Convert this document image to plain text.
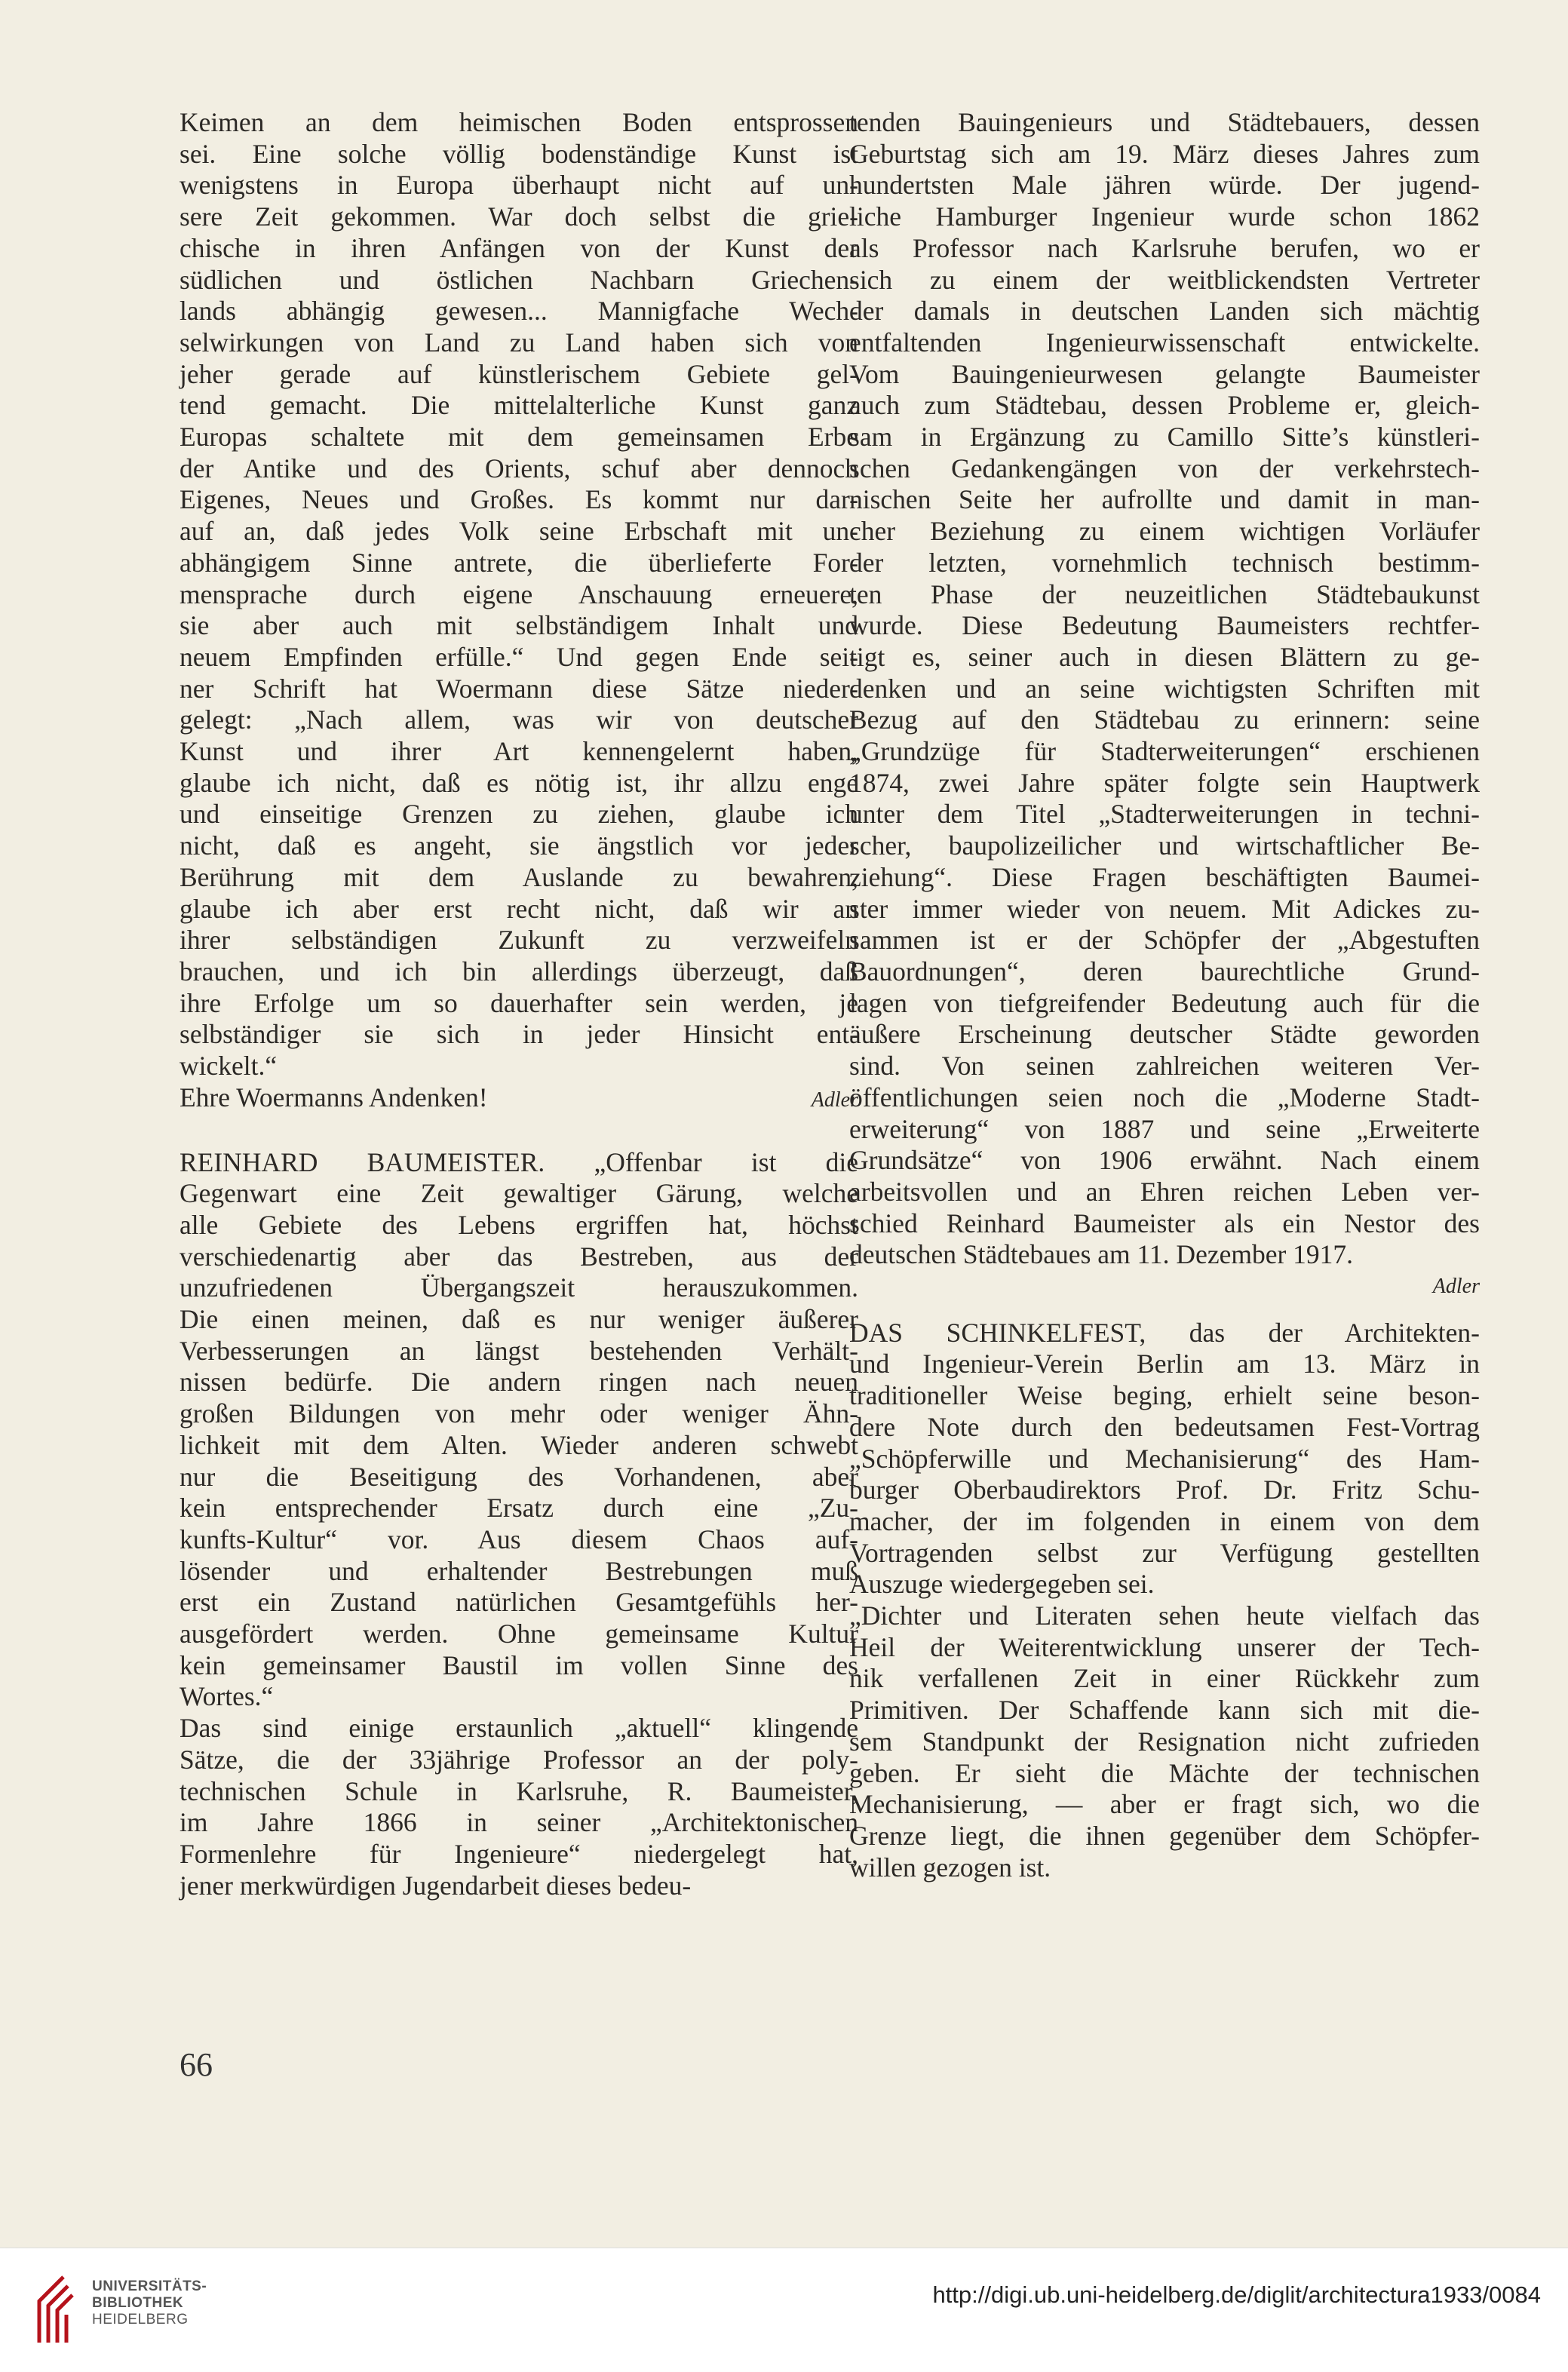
Keimen an dem heimischen Boden entsprossen
sei. Eine solche völlig bodenständige Kunst ist
wenigstens in Europa überhaupt nicht auf un-
sere Zeit gekommen. War doch selbst die grie-
chische in ihren Anfängen von der Kunst der
südlichen und östlichen Nachbarn Griechen-
lands abhängig gewesen... Mannigfache Wech-
selwirkungen von Land zu Land haben sich von
jeher gerade auf künstlerischem Gebiete gel-
tend gemacht. Die mittelalterliche Kunst ganz
Europas schaltete mit dem gemeinsamen Erbe
der Antike und des Orients, schuf aber dennoch
Eigenes, Neues und Großes. Es kommt nur dar-
auf an, daß jedes Volk seine Erbschaft mit un-
abhängigem Sinne antrete, die überlieferte For-
mensprache durch eigene Anschauung erneuere,
sie aber auch mit selbständigem Inhalt und
neuem Empfinden erfülle.“ Und gegen Ende sei-
ner Schrift hat Woermann diese Sätze nieder-
gelegt: „Nach allem, was wir von deutscher
Kunst und ihrer Art kennengelernt haben,
glaube ich nicht, daß es nötig ist, ihr allzu enge
und einseitige Grenzen zu ziehen, glaube ich
nicht, daß es angeht, sie ängstlich vor jeder
Berührung mit dem Auslande zu bewahren,
glaube ich aber erst recht nicht, daß wir an
ihrer selbständigen Zukunft zu verzweifeln
brauchen, und ich bin allerdings überzeugt, daß
ihre Erfolge um so dauerhafter sein werden, je
selbständiger sie sich in jeder Hinsicht ent-
wickelt.“
Ehre Woermanns Andenken!	Adler
REINHARD BAUMEISTER. „Offenbar ist die
Gegenwart eine Zeit gewaltiger Gärung, welche
alle Gebiete des Lebens ergriffen hat, höchst
verschiedenartig aber das Bestreben, aus der
unzufriedenen Übergangszeit herauszukommen.
Die einen meinen, daß es nur weniger äußerer
Verbesserungen an längst bestehenden Verhält-
nissen bedürfe. Die andern ringen nach neuen
großen Bildungen von mehr oder weniger Ähn-
lichkeit mit dem Alten. Wieder anderen schwebt
nur die Beseitigung des Vorhandenen, aber
kein entsprechender Ersatz durch eine „Zu-
kunfts-Kultur“ vor. Aus diesem Chaos auf-
lösender und erhaltender Bestrebungen muß
erst ein Zustand natürlichen Gesamtgefühls her-
ausgefördert werden. Ohne gemeinsame Kultur
kein gemeinsamer Baustil im vollen Sinne des
Wortes.“
Das sind einige erstaunlich „aktuell“ klingende
Sätze, die der 33jährige Professor an der poly-
technischen Schule in Karlsruhe, R. Baumeister,
im Jahre 1866 in seiner „Architektonischen
Formenlehre für Ingenieure“ niedergelegt hat,
jener merkwürdigen Jugendarbeit dieses bedeu-
tenden Bauingenieurs und Städtebauers, dessen
Geburtstag sich am 19. März dieses Jahres zum
hundertsten Male jähren würde. Der jugend-
liche Hamburger Ingenieur wurde schon 1862
als Professor nach Karlsruhe berufen, wo er
sich zu einem der weitblickendsten Vertreter
der damals in deutschen Landen sich mächtig
entfaltenden Ingenieurwissenschaft entwickelte.
Vom Bauingenieurwesen gelangte Baumeister
auch zum Städtebau, dessen Probleme er, gleich-
sam in Ergänzung zu Camillo Sitte’s künstleri-
schen Gedankengängen von der verkehrstech-
nischen Seite her aufrollte und damit in man-
cher Beziehung zu einem wichtigen Vorläufer
der letzten, vornehmlich technisch bestimm-
ten Phase der neuzeitlichen Städtebaukunst
wurde. Diese Bedeutung Baumeisters rechtfer-
tigt es, seiner auch in diesen Blättern zu ge-
denken und an seine wichtigsten Schriften mit
Bezug auf den Städtebau zu erinnern: seine
„Grundzüge für Stadterweiterungen“ erschienen
1874, zwei Jahre später folgte sein Hauptwerk
unter dem Titel „Stadterweiterungen in techni-
scher, baupolizeilicher und wirtschaftlicher Be-
ziehung“. Diese Fragen beschäftigten Baumei-
ster immer wieder von neuem. Mit Adickes zu-
sammen ist er der Schöpfer der „Abgestuften
Bauordnungen“, deren baurechtliche Grund-
lagen von tiefgreifender Bedeutung auch für die
äußere Erscheinung deutscher Städte geworden
sind. Von seinen zahlreichen weiteren Ver-
öffentlichungen seien noch die „Moderne Stadt-
erweiterung“ von 1887 und seine „Erweiterte
Grundsätze“ von 1906 erwähnt. Nach einem
arbeitsvollen und an Ehren reichen Leben ver-
schied Reinhard Baumeister als ein Nestor des
deutschen Städtebaues am 11. Dezember 1917.
Adler
DAS SCHINKELFEST, das der Architekten-
und Ingenieur-Verein Berlin am 13. März in
traditioneller Weise beging, erhielt seine beson-
dere Note durch den bedeutsamen Fest-Vortrag
„Schöpferwille und Mechanisierung“ des Ham-
burger Oberbaudirektors Prof. Dr. Fritz Schu-
macher, der im folgenden in einem von dem
Vortragenden selbst zur Verfügung gestellten
Auszuge wiedergegeben sei.
„Dichter und Literaten sehen heute vielfach das
Heil der Weiterentwicklung unserer der Tech-
nik verfallenen Zeit in einer Rückkehr zum
Primitiven. Der Schaffende kann sich mit die-
sem Standpunkt der Resignation nicht zufrieden
geben. Er sieht die Mächte der technischen
Mechanisierung, — aber er fragt sich, wo die
Grenze liegt, die ihnen gegenüber dem Schöpfer-
willen gezogen ist.
66
UNIVERSITÄTS-
BIBLIOTHEK
HEIDELBERG
http://digi.ub.uni-heidelberg.de/diglit/architectura1933/0084
